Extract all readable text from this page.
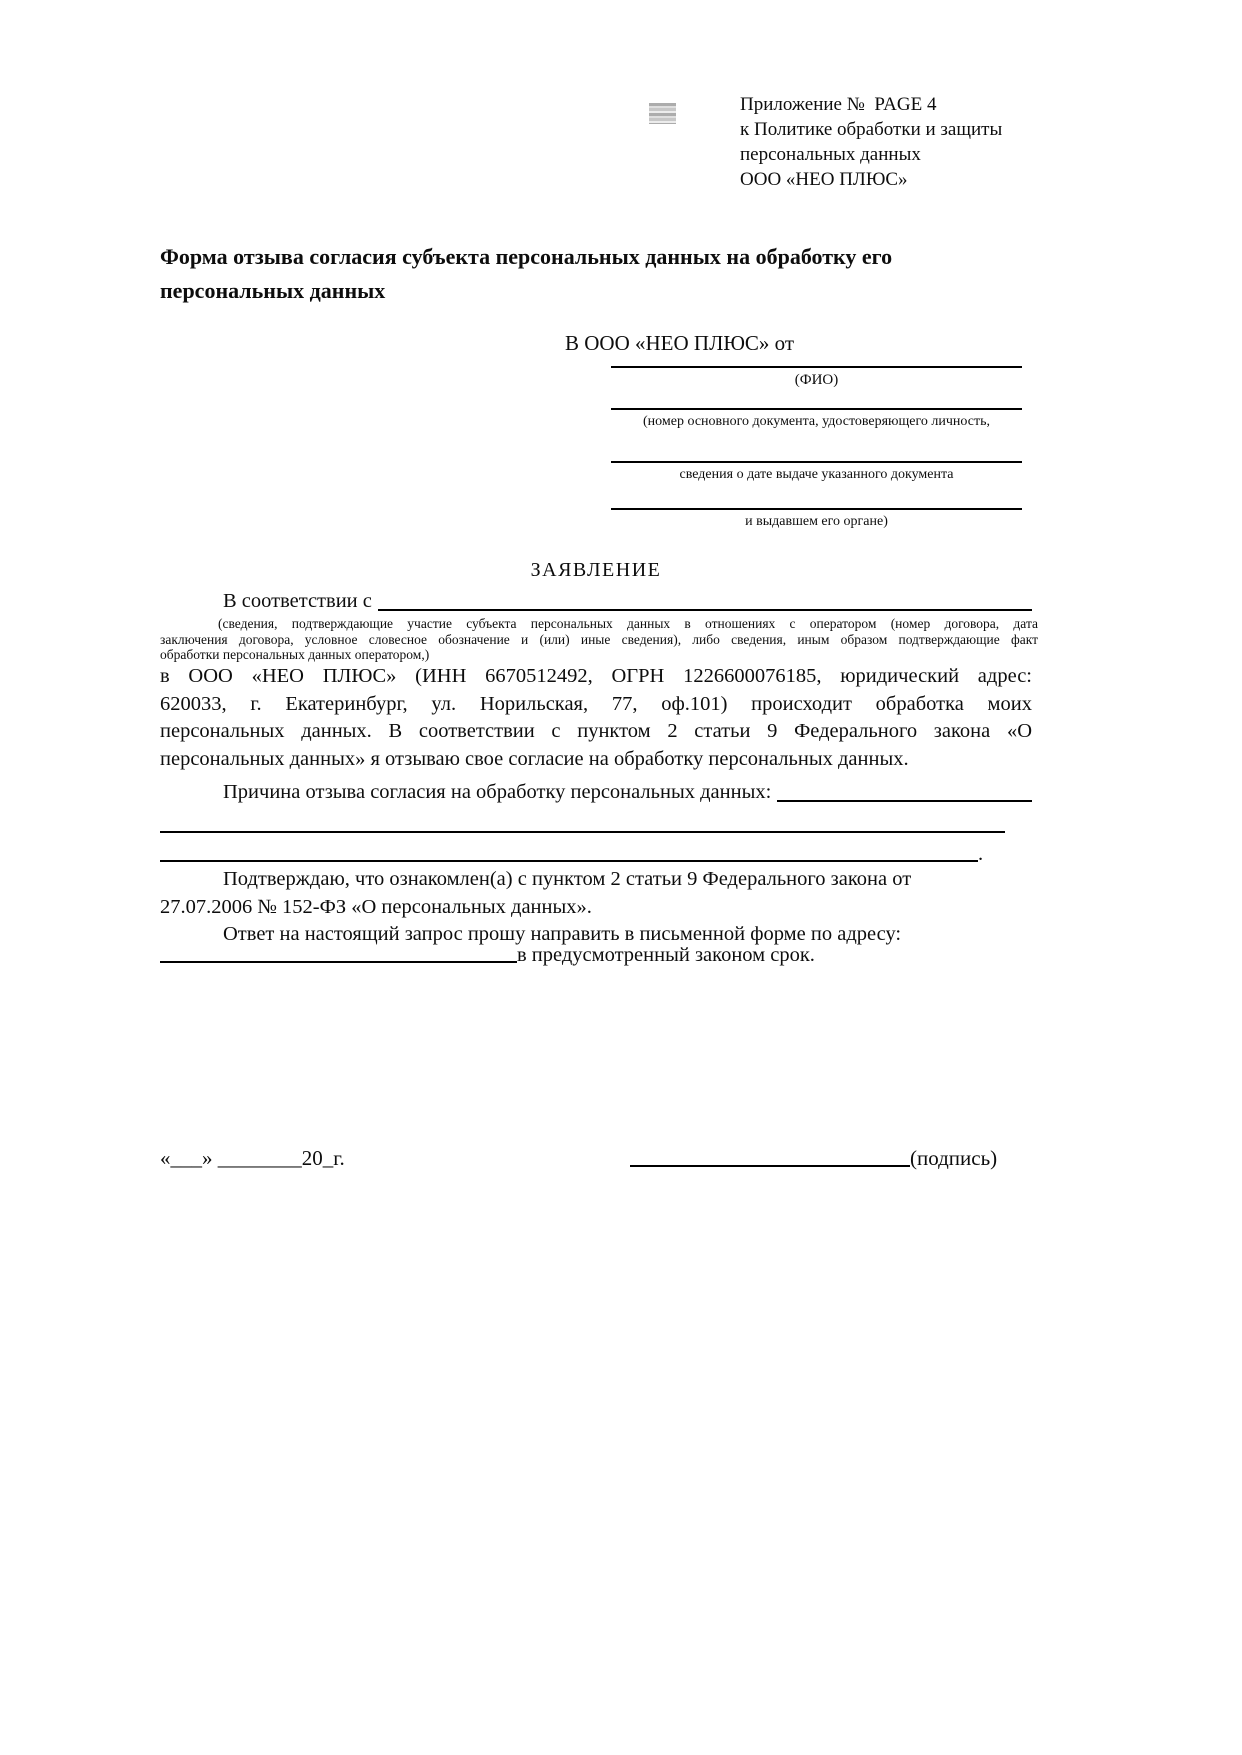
Приложение №  PAGE 4
к Политике обработки и защиты
персональных данных
ООО «НЕО ПЛЮС»
Форма отзыва согласия субъекта персональных данных на обработку его персональных данных
В ООО «НЕО ПЛЮС» от
(ФИО)
(номер основного документа, удостоверяющего личность,
сведения о дате выдаче указанного документа
и выдавшем его органе)
ЗАЯВЛЕНИЕ
В соответствии с
(сведения, подтверждающие участие субъекта персональных данных в отношениях с оператором (номер договора, дата
заключения договора, условное словесное обозначение и (или) иные сведения), либо сведения, иным образом подтверждающие факт
обработки персональных данных оператором,)
в ООО «НЕО ПЛЮС» (ИНН 6670512492, ОГРН 1226600076185, юридический адрес:
620033, г. Екатеринбург, ул. Норильская, 77, оф.101) происходит обработка моих
персональных данных. В соответствии с пунктом 2 статьи 9 Федерального закона «О
персональных данных» я отзываю свое согласие на обработку персональных данных.
Причина отзыва согласия на обработку персональных данных:
.
Подтверждаю, что ознакомлен(а) с пунктом 2 статьи 9 Федерального закона от
27.07.2006 № 152-ФЗ «О персональных данных».
Ответ на настоящий запрос прошу направить в письменной форме по адресу:
в предусмотренный законом срок.
«___» ________20_г.	(подпись)
